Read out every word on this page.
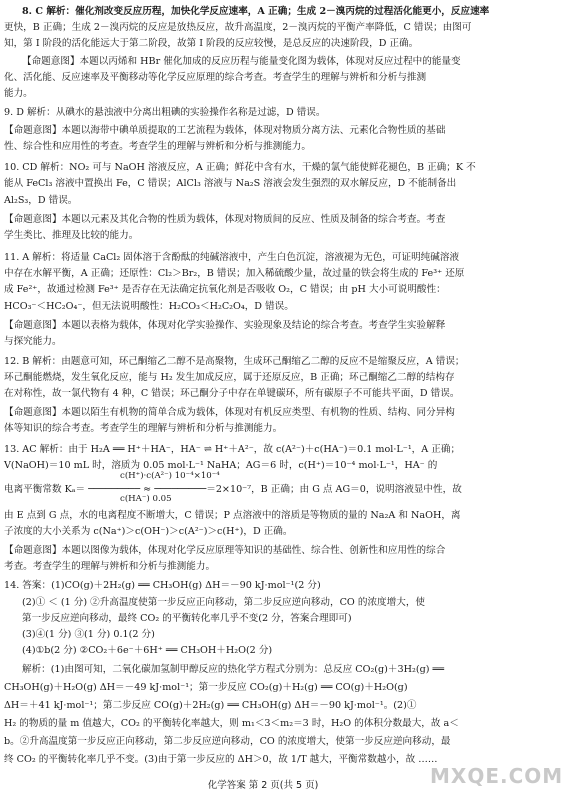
8. C 解析：催化剂改变反应历程，加快化学反应速率，A 正确；生成 2－溴丙烷的过程活化能更小，反应速率
更快，B 正确；生成 2－溴丙烷的反应是放热反应，故升高温度，2－溴丙烷的平衡产率降低，C 错误；由图可
知，第 Ⅰ 阶段的活化能远大于第二阶段，故第 Ⅰ 阶段的反应较慢，是总反应的决速阶段，D 正确。
【命题意图】本题以丙烯和 HBr 催化加成的反应历程与能量变化图为载体，体现对反应过程中的能量变
化、活化能、反应速率及平衡移动等化学反应原理的综合考查。考查学生的理解与辨析和分析与推测
能力。
9. D 解析：从碘水的悬浊液中分离出粗碘的实验操作名称是过滤，D 错误。
【命题意图】本题以海带中碘单质提取的工艺流程为载体，体现对物质分离方法、元素化合物性质的基础
性、综合性和应用性的考查。考查学生的理解与辨析和分析与推测能力。
10. CD 解析：NO₂ 可与 NaOH 溶液反应，A 正确；鲜花中含有水，干燥的氯气能使鲜花褪色，B 正确；K 不
能从 FeCl₃ 溶液中置换出 Fe，C 错误；AlCl₃ 溶液与 Na₂S 溶液会发生强烈的双水解反应，D 不能制备出
Al₂S₃，D 错误。
【命题意图】本题以元素及其化合物的性质为载体，体现对物质间的反应、性质及制备的综合考查。考查
学生类比、推理及比较的能力。
11. A 解析：将适量 CaCl₂ 固体溶于含酚酞的纯碱溶液中，产生白色沉淀，溶液褪为无色，可证明纯碱溶液
中存在水解平衡，A 正确；还原性：Cl₂＞Br₂，B 错误；加入稀硫酸少量，故过量的铁会将生成的 Fe³⁺ 还原
成 Fe²⁺，故通过检测 Fe³⁺ 是否存在无法确定抗氧化剂是否吸收 O₂，C 错误；由 pH 大小可说明酸性：
HCO₃⁻＜HC₂O₄⁻，但无法说明酸性：H₂CO₃＜H₂C₂O₄，D 错误。
【命题意图】本题以表格为载体，体现对化学实验操作、实验现象及结论的综合考查。考查学生实验解释
与探究能力。
12. B 解析：由题意可知，环己酮缩乙二醇不是高聚物，生成环己酮缩乙二醇的反应不是缩聚反应，A 错误；
环己酮能燃烧，发生氧化反应，能与 H₂ 发生加成反应，属于还原反应，B 正确；环己酮缩乙二醇的结构存
在对称性，故一氯代物有 4 种，C 错误；环己酮分子中存在单键碳环，所有碳原子不可能共平面，D 错误。
【命题意图】本题以陌生有机物的简单合成为载体，体现对有机反应类型、有机物的性质、结构、同分异构
体等知识的综合考查。考查学生的理解与辨析和分析与推测能力。
13. AC 解析：由于 H₂A ══ H⁺＋HA⁻，HA⁻ ⇌ H⁺＋A²⁻，故 c(A²⁻)＋c(HA⁻)＝0.1 mol·L⁻¹，A 正确；
V(NaOH)＝10 mL 时，溶质为 0.05 mol·L⁻¹ NaHA；AG＝6 时，c(H⁺)＝10⁻⁴ mol·L⁻¹，HA⁻ 的
c(H⁺)·c(A²⁻) 10⁻⁴×10⁻⁴
电离平衡常数 Kₐ＝ ───────── ≈ ─────────＝2×10⁻⁷，B 正确；由 G 点 AG＝0，说明溶液显中性，故
c(HA⁻) 0.05
由 E 点到 G 点，水的电离程度不断增大，C 错误；P 点溶液中的溶质是等物质的量的 Na₂A 和 NaOH，离
子浓度的大小关系为 c(Na⁺)＞c(OH⁻)＞c(A²⁻)＞c(H⁺)，D 正确。
【命题意图】本题以图像为载体，体现对化学反应原理等知识的基础性、综合性、创新性和应用性的综合
考查。考查学生的理解与辨析和分析与推测能力。
14. 答案：(1)CO(g)＋2H₂(g) ══ CH₃OH(g) ΔH＝－90 kJ·mol⁻¹(2 分)
(2)① ＜ (1 分) ②升高温度使第一步反应正向移动，第二步反应逆向移动，CO 的浓度增大，使
第一步反应逆向移动，最终 CO₂ 的平衡转化率几乎不变(2 分，答案合理即可)
(3)④(1 分) ③(1 分) 0.1(2 分)
(4)①b(2 分) ②CO₂＋6e⁻＋6H⁺ ══ CH₃OH＋H₂O(2 分)
解析：(1)由图可知，二氧化碳加氢制甲醇反应的热化学方程式分别为：总反应 CO₂(g)＋3H₂(g) ══
CH₃OH(g)＋H₂O(g) ΔH＝－49 kJ·mol⁻¹；第一步反应 CO₂(g)＋H₂(g) ══ CO(g)＋H₂O(g)
ΔH＝＋41 kJ·mol⁻¹；第二步反应 CO(g)＋2H₂(g) ══ CH₃OH(g) ΔH＝－90 kJ·mol⁻¹。(2)①
H₂ 的物质的量 m 值越大，CO₂ 的平衡转化率越大，则 m₁＜3＜m₂＝3 时，H₂O 的体积分数最大，故 a＜
b。②升高温度第一步反应正向移动，第二步反应逆向移动，CO 的浓度增大，使第一步反应逆向移动，最
终 CO₂ 的平衡转化率几乎不变。(3)由于第一步反应的 ΔH＞0，故 1/T 越大，平衡常数越小，故 ……
化学答案 第 2 页(共 5 页)	MXQE.COM
